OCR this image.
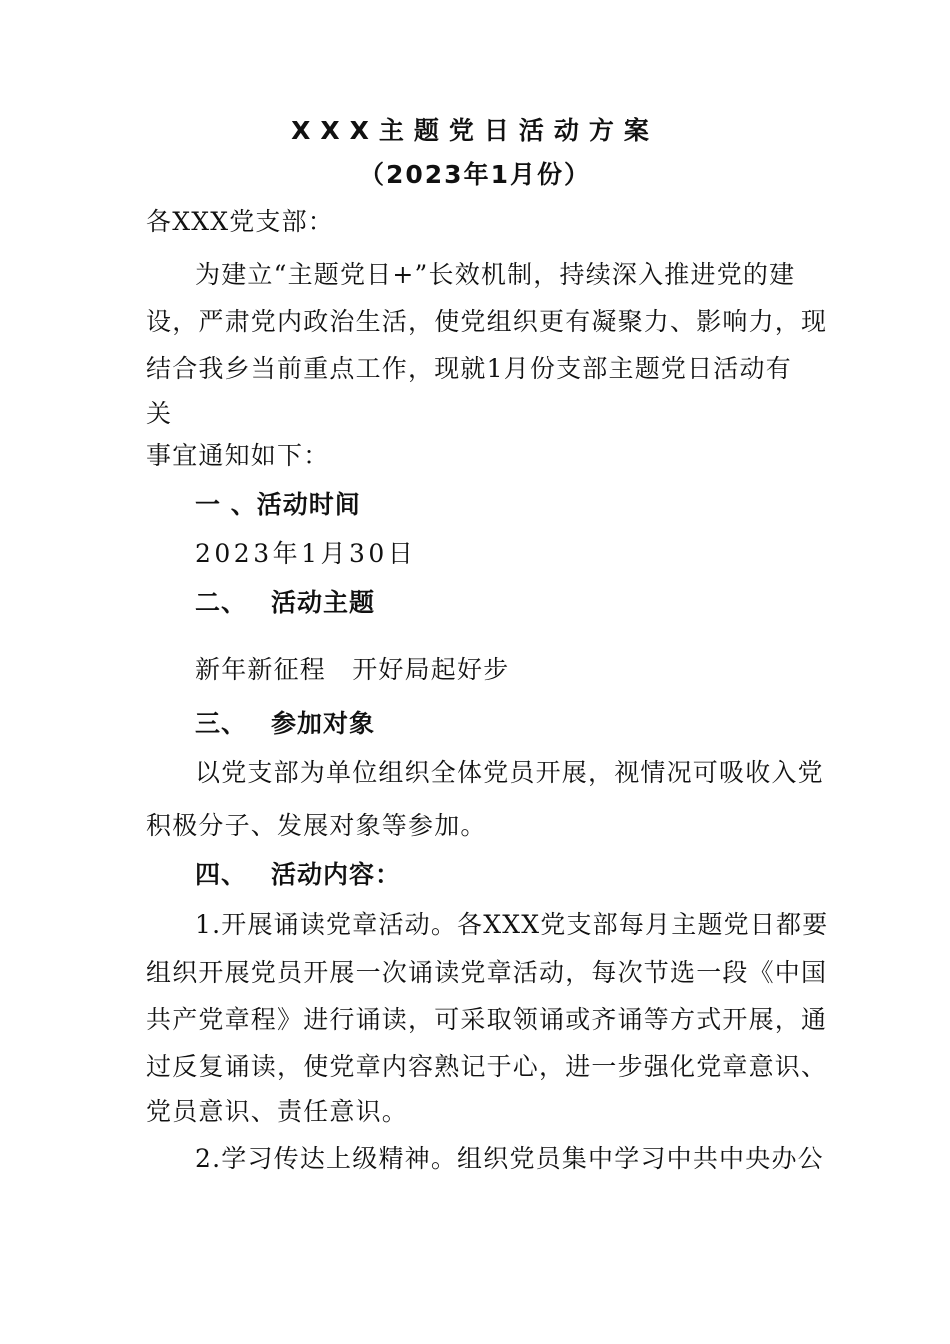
XXX主题党日活动方案
（2023年1月份）
各XXX党支部：
为建立“主题党日+”长效机制，持续深入推进党的建
设，严肃党内政治生活，使党组织更有凝聚力、影响力，现
结合我乡当前重点工作，现就1月份支部主题党日活动有
关
事宜通知如下：
一 、活动时间
2023年1月30日
二、 活动主题
新年新征程　开好局起好步
三、 参加对象
以党支部为单位组织全体党员开展，视情况可吸收入党
积极分子、发展对象等参加。
四、 活动内容：
1.开展诵读党章活动。各XXX党支部每月主题党日都要
组织开展党员开展一次诵读党章活动，每次节选一段《中国
共产党章程》进行诵读，可采取领诵或齐诵等方式开展，通
过反复诵读，使党章内容熟记于心，进一步强化党章意识、
党员意识、责任意识。
2.学习传达上级精神。组织党员集中学习中共中央办公
